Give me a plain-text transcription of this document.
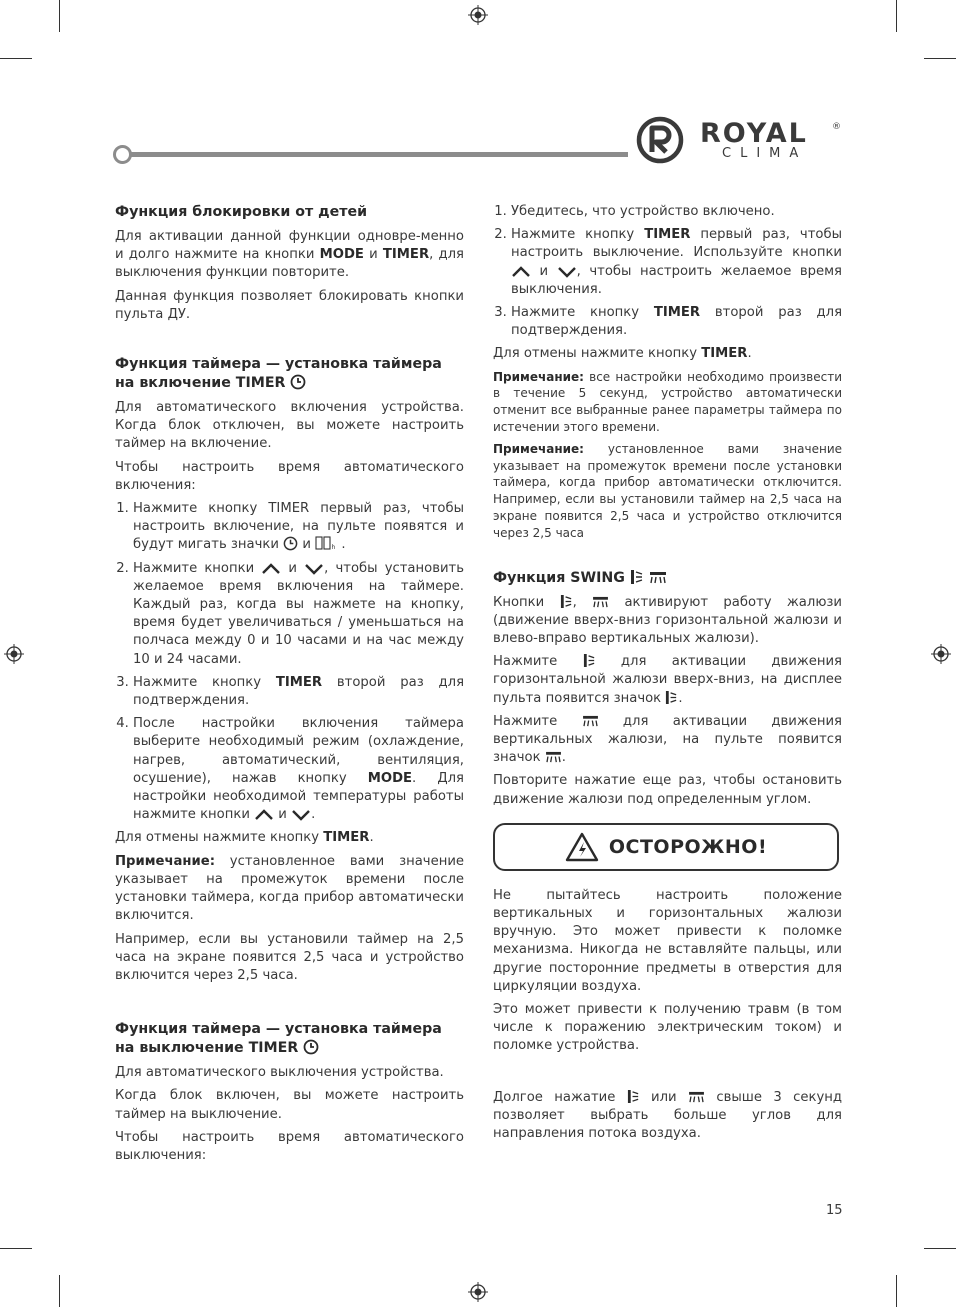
ROYAL	®
CLIMA
Функция блокировки от детей

Для активации данной функции одновре-менно и долго нажмите на кнопки MODE и TIMER, для выключения функции повторите.

Данная функция позволяет блокировать кнопки пульта ДУ.

Функция таймера — установка таймера на включение TIMER

Для автоматического включения устройства. Когда блок отключен, вы можете настроить таймер на включение.

Чтобы настроить время автоматического включения:

1. Нажмите кнопку TIMER первый раз, чтобы настроить включение, на пульте появятся и будут мигать значки  и	h .
2. Нажмите кнопки  и , чтобы установить желаемое время включения на таймере. Каждый раз, когда вы нажмете на кнопку, время будет увеличиваться / уменьшаться на полчаса между 0 и 10 часами и на час между 10 и 24 часами.
3. Нажмите кнопку TIMER второй раз для подтверждения.
4. После настройки включения таймера выберите необходимый режим (охлаждение, нагрев, автоматический, вентиляция, осушение), нажав кнопку MODE. Для настройки необходимой температуры работы нажмите кнопки  и .

Для отмены нажмите кнопку TIMER.

Примечание: установленное вами значение указывает на промежуток времени после установки таймера, когда прибор автоматически включится.

Например, если вы установили таймер на 2,5 часа на экране появится 2,5 часа и устройство включится через 2,5 часа.

Функция таймера — установка таймера на выключение TIMER

Для автоматического выключения устройства.

Когда блок включен, вы можете настроить таймер на выключение.

Чтобы настроить время автоматического выключения:

1. Убедитесь, что устройство включено.
2. Нажмите кнопку TIMER первый раз, чтобы настроить выключение. Используйте кнопки  и , чтобы настроить желаемое время выключения.
3. Нажмите кнопку TIMER второй раз для подтверждения.

Для отмены нажмите кнопку TIMER.

Примечание: все настройки необходимо произвести в течение 5 секунд, устройство автоматически отменит все выбранные ранее параметры таймера по истечении этого времени.

Примечание: установленное вами значение указывает на промежуток времени после установки таймера, когда прибор автоматически отключится. Например, если вы установили таймер на 2,5 часа на экране появится 2,5 часа и устройство отключится через 2,5 часа

Функция SWING

Кнопки ,  активируют работу жалюзи (движение вверх-вниз горизонтальной жалюзи и влево-вправо вертикальных жалюзи).

Нажмите  для активации движения горизонтальной жалюзи вверх-вниз, на дисплее пульта появится значок .

Нажмите  для активации движения вертикальных жалюзи, на пульте появится значок .

Повторите нажатие еще раз, чтобы остановить движение жалюзи под определенным углом.

ОСТОРОЖНО!

Не пытайтесь настроить положение вертикальных и горизонтальных жалюзи вручную. Это может привести к поломке механизма. Никогда не вставляйте пальцы, или другие посторонние предметы в отверстия для циркуляции воздуха.

Это может привести к получению травм (в том числе к поражению электрическим током) и поломке устройства.

Долгое нажатие  или  свыше 3 секунд позволяет выбрать больше углов для направления потока воздуха.

15
